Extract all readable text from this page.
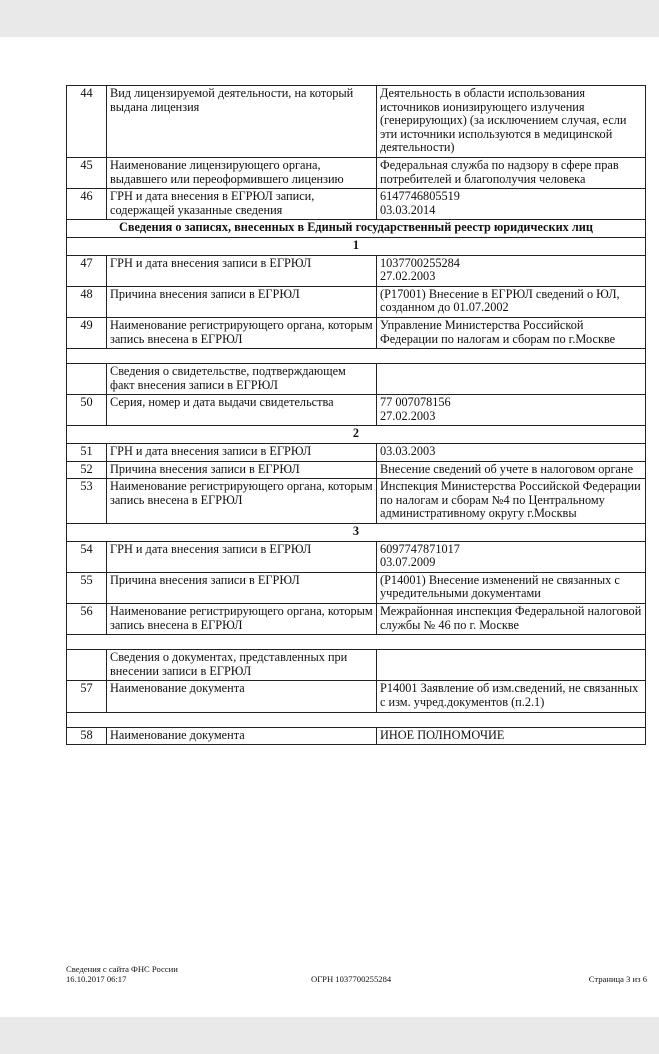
44	Вид лицензируемой деятельности, на который выдана лицензия	Деятельность в области использования источников ионизирующего излучения (генерирующих) (за исключением случая, если эти источники используются в медицинской деятельности)

45	Наименование лицензирующего органа, выдавшего или переоформившего лицензию	Федеральная служба по надзору в сфере прав потребителей и благополучия человека

46	ГРН и дата внесения в ЕГРЮЛ записи, содержащей указанные сведения	6147746805519
03.03.2014

Сведения о записях, внесенных в Единый государственный реестр юридических лиц		
1		
47	ГРН и дата внесения записи в ЕГРЮЛ	1037700255284
27.02.2003

48	Причина внесения записи в ЕГРЮЛ	(Р17001) Внесение в ЕГРЮЛ сведений о ЮЛ, созданном до 01.07.2002

49	Наименование регистрирующего органа, которым запись внесена в ЕГРЮЛ	Управление Министерства Российской Федерации по налогам и сборам по г.Москве

	Сведения о свидетельстве, подтверждающем факт внесения записи в ЕГРЮЛ	
50	Серия, номер и дата выдачи свидетельства	77 007078156
27.02.2003

2		
51	ГРН и дата внесения записи в ЕГРЮЛ	03.03.2003

52	Причина внесения записи в ЕГРЮЛ	Внесение сведений об учете в налоговом органе

53	Наименование регистрирующего органа, которым запись внесена в ЕГРЮЛ	Инспекция Министерства Российской Федерации по налогам и сборам №4 по Центральному административному округу г.Москвы

3		
54	ГРН и дата внесения записи в ЕГРЮЛ	6097747871017
03.07.2009

55	Причина внесения записи в ЕГРЮЛ	(Р14001) Внесение изменений не связанных с учредительными документами

56	Наименование регистрирующего органа, которым запись внесена в ЕГРЮЛ	Межрайонная инспекция Федеральной налоговой службы № 46 по г. Москве

	Сведения о документах, представленных при внесении записи в ЕГРЮЛ	
57	Наименование документа	Р14001 Заявление об изм.сведений, не связанных с изм. учред.документов (п.2.1)

58	Наименование документа	ИНОЕ ПОЛНОМОЧИЕ
Сведения с сайта ФНС России
16.10.2017 06:17	ОГРН 1037700255284	Страница 3 из 6
